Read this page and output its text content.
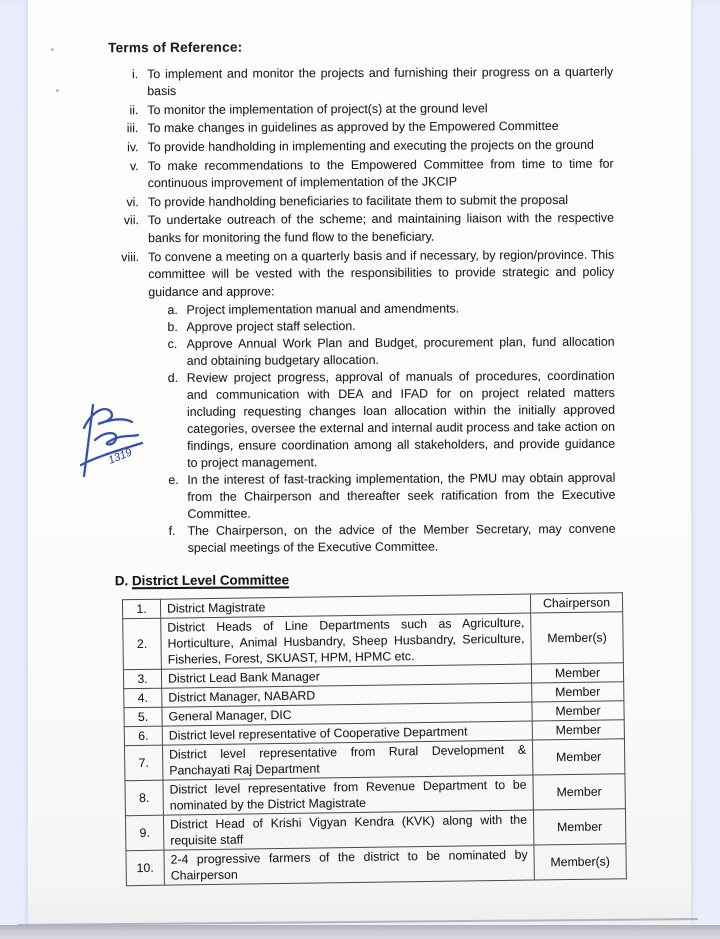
Terms of Reference:
i. To implement and monitor the projects and furnishing their progress on a quarterly basis
ii. To monitor the implementation of project(s) at the ground level
iii. To make changes in guidelines as approved by the Empowered Committee
iv. To provide handholding in implementing and executing the projects on the ground
v. To make recommendations to the Empowered Committee from time to time for continuous improvement of implementation of the JKCIP
vi. To provide handholding beneficiaries to facilitate them to submit the proposal
vii. To undertake outreach of the scheme; and maintaining liaison with the respective banks for monitoring the fund flow to the beneficiary.
viii. To convene a meeting on a quarterly basis and if necessary, by region/province. This committee will be vested with the responsibilities to provide strategic and policy guidance and approve:
a. Project implementation manual and amendments.
b. Approve project staff selection.
c. Approve Annual Work Plan and Budget, procurement plan, fund allocation and obtaining budgetary allocation.
d. Review project progress, approval of manuals of procedures, coordination and communication with DEA and IFAD for on project related matters including requesting changes loan allocation within the initially approved categories, oversee the external and internal audit process and take action on findings, ensure coordination among all stakeholders, and provide guidance to project management.
e. In the interest of fast-tracking implementation, the PMU may obtain approval from the Chairperson and thereafter seek ratification from the Executive Committee.
f. The Chairperson, on the advice of the Member Secretary, may convene special meetings of the Executive Committee.
D. District Level Committee
1.	District Magistrate	Chairperson
2.	District Heads of Line Departments such as Agriculture, Horticulture, Animal Husbandry, Sheep Husbandry, Sericulture, Fisheries, Forest, SKUAST, HPM, HPMC etc.	Member(s)
3.	District Lead Bank Manager	Member
4.	District Manager, NABARD	Member
5.	General Manager, DIC	Member
6.	District level representative of Cooperative Department	Member
7.	District level representative from Rural Development & Panchayati Raj Department	Member
8.	District level representative from Revenue Department to be nominated by the District Magistrate	Member
9.	District Head of Krishi Vigyan Kendra (KVK) along with the requisite staff	Member
10.	2-4 progressive farmers of the district to be nominated by Chairperson	Member(s)
1319
